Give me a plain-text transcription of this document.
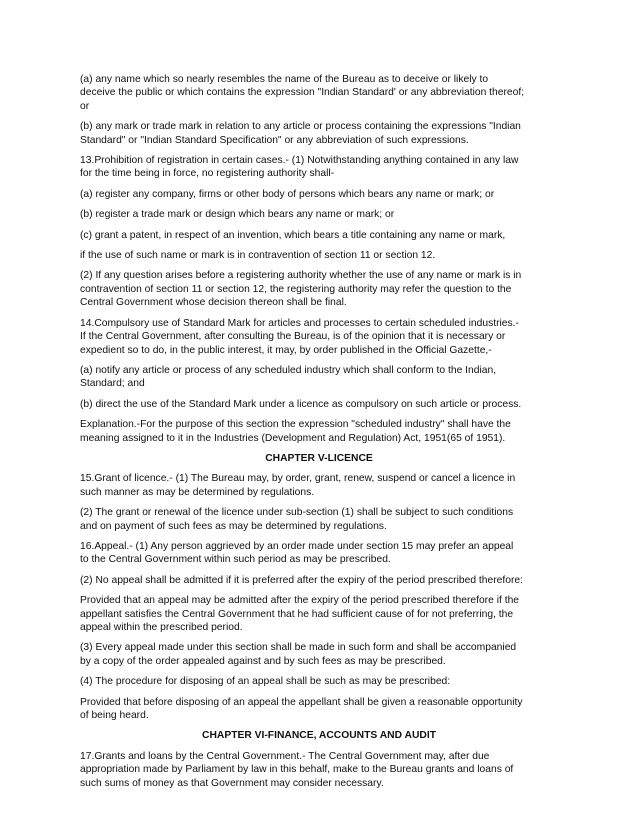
(a) any name which so nearly resembles the name of the Bureau as to deceive or likely to
deceive the public or which contains the expression "Indian Standard' or any abbreviation thereof;
or

(b) any mark or trade mark in relation to any article or process containing the expressions "Indian
Standard" or "Indian Standard Specification" or any abbreviation of such expressions.

13.Prohibition of registration in certain cases.- (1) Notwithstanding anything contained in any law
for the time being in force, no registering authority shall-

(a) register any company, firms or other body of persons which bears any name or mark; or

(b) register a trade mark or design which bears any name or mark; or

(c) grant a patent, in respect of an invention, which bears a title containing any name or mark,

if the use of such name or mark is in contravention of section 11 or section 12.

(2) If any question arises before a registering authority whether the use of any name or mark is in
contravention of section 11 or section 12, the registering authority may refer the question to the
Central Government whose decision thereon shall be final.

14.Compulsory use of Standard Mark for articles and processes to certain scheduled industries.-
If the Central Government, after consulting the Bureau, is of the opinion that it is necessary or
expedient so to do, in the public interest, it may, by order published in the Official Gazette,-

(a) notify any article or process of any scheduled industry which shall conform to the Indian,
Standard; and

(b) direct the use of the Standard Mark under a licence as compulsory on such article or process.

Explanation.-For the purpose of this section the expression "scheduled industry" shall have the
meaning assigned to it in the Industries (Development and Regulation) Act, 1951(65 of 1951).

CHAPTER V-LICENCE

15.Grant of licence.- (1) The Bureau may, by order, grant, renew, suspend or cancel a licence in
such manner as may be determined by regulations.

(2) The grant or renewal of the licence under sub-section (1) shall be subject to such conditions
and on payment of such fees as may be determined by regulations.

16.Appeal.- (1) Any person aggrieved by an order made under section 15 may prefer an appeal
to the Central Government within such period as may be prescribed.

(2) No appeal shall be admitted if it is preferred after the expiry of the period prescribed therefore:

Provided that an appeal may be admitted after the expiry of the period prescribed therefore if the
appellant satisfies the Central Government that he had sufficient cause of for not preferring, the
appeal within the prescribed period.

(3) Every appeal made under this section shall be made in such form and shall be accompanied
by a copy of the order appealed against and by such fees as may be prescribed.

(4) The procedure for disposing of an appeal shall be such as may be prescribed:

Provided that before disposing of an appeal the appellant shall be given a reasonable opportunity
of being heard.

CHAPTER VI-FINANCE, ACCOUNTS AND AUDIT

17.Grants and loans by the Central Government.- The Central Government may, after due
appropriation made by Parliament by law in this behalf, make to the Bureau grants and loans of
such sums of money as that Government may consider necessary.
